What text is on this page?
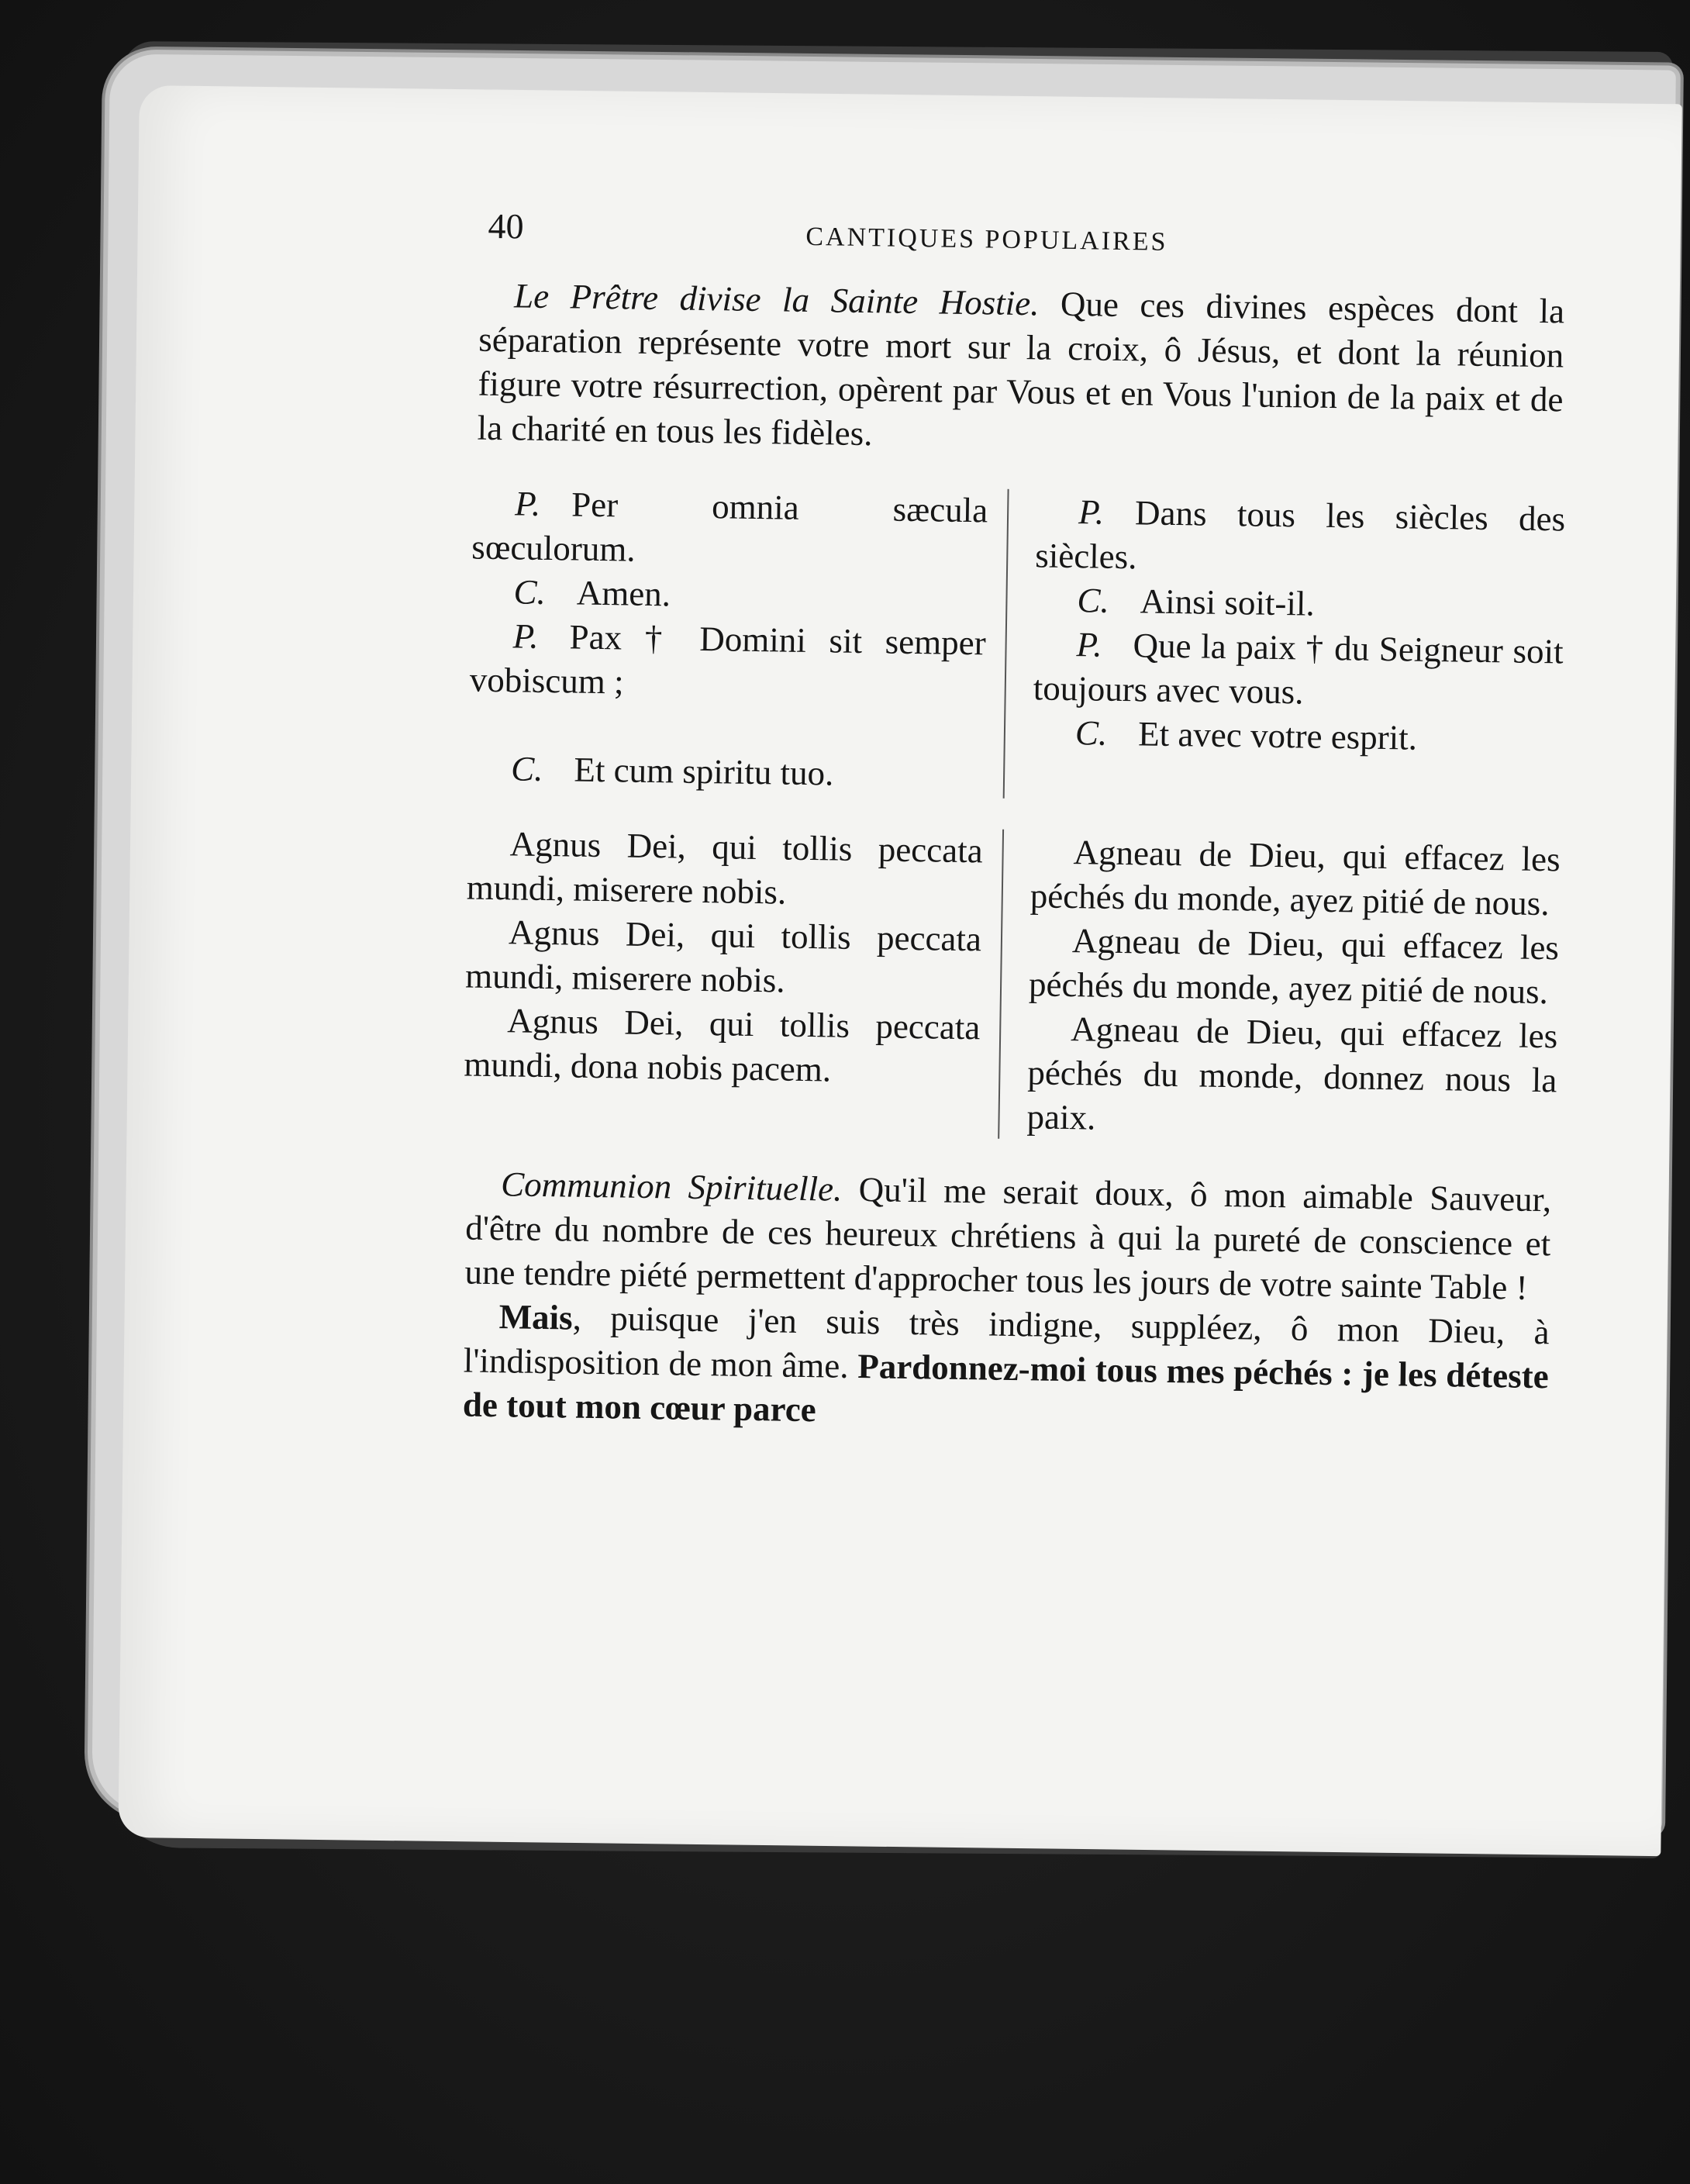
40	CANTIQUES POPULAIRES

Le Prêtre divise la Sainte Hostie. Que ces divines espèces dont la séparation représente votre mort sur la croix, ô Jésus, et dont la réunion figure votre résurrection, opèrent par Vous et en Vous l'union de la paix et de la charité en tous les fidèles.

P. Per omnia sæcula sœculorum.
C. Amen.
P. Pax † Domini sit semper vobiscum ;
C. Et cum spiritu tuo.
P. Dans tous les siècles des siècles.
C. Ainsi soit-il.
P. Que la paix † du Seigneur soit toujours avec vous.
C. Et avec votre esprit.
Agnus Dei, qui tollis peccata mundi, miserere nobis.
Agnus Dei, qui tollis peccata mundi, miserere nobis.
Agnus Dei, qui tollis peccata mundi, dona nobis pacem.
Agneau de Dieu, qui effacez les péchés du monde, ayez pitié de nous.
Agneau de Dieu, qui effacez les péchés du monde, ayez pitié de nous.
Agneau de Dieu, qui effacez les péchés du monde, donnez nous la paix.

Communion Spirituelle. Qu'il me serait doux, ô mon aimable Sauveur, d'être du nombre de ces heureux chrétiens à qui la pureté de conscience et une tendre piété permettent d'approcher tous les jours de votre sainte Table !

Mais, puisque j'en suis très indigne, suppléez, ô mon Dieu, à l'indisposition de mon âme. Pardonnez-moi tous mes péchés : je les déteste de tout mon cœur parce
